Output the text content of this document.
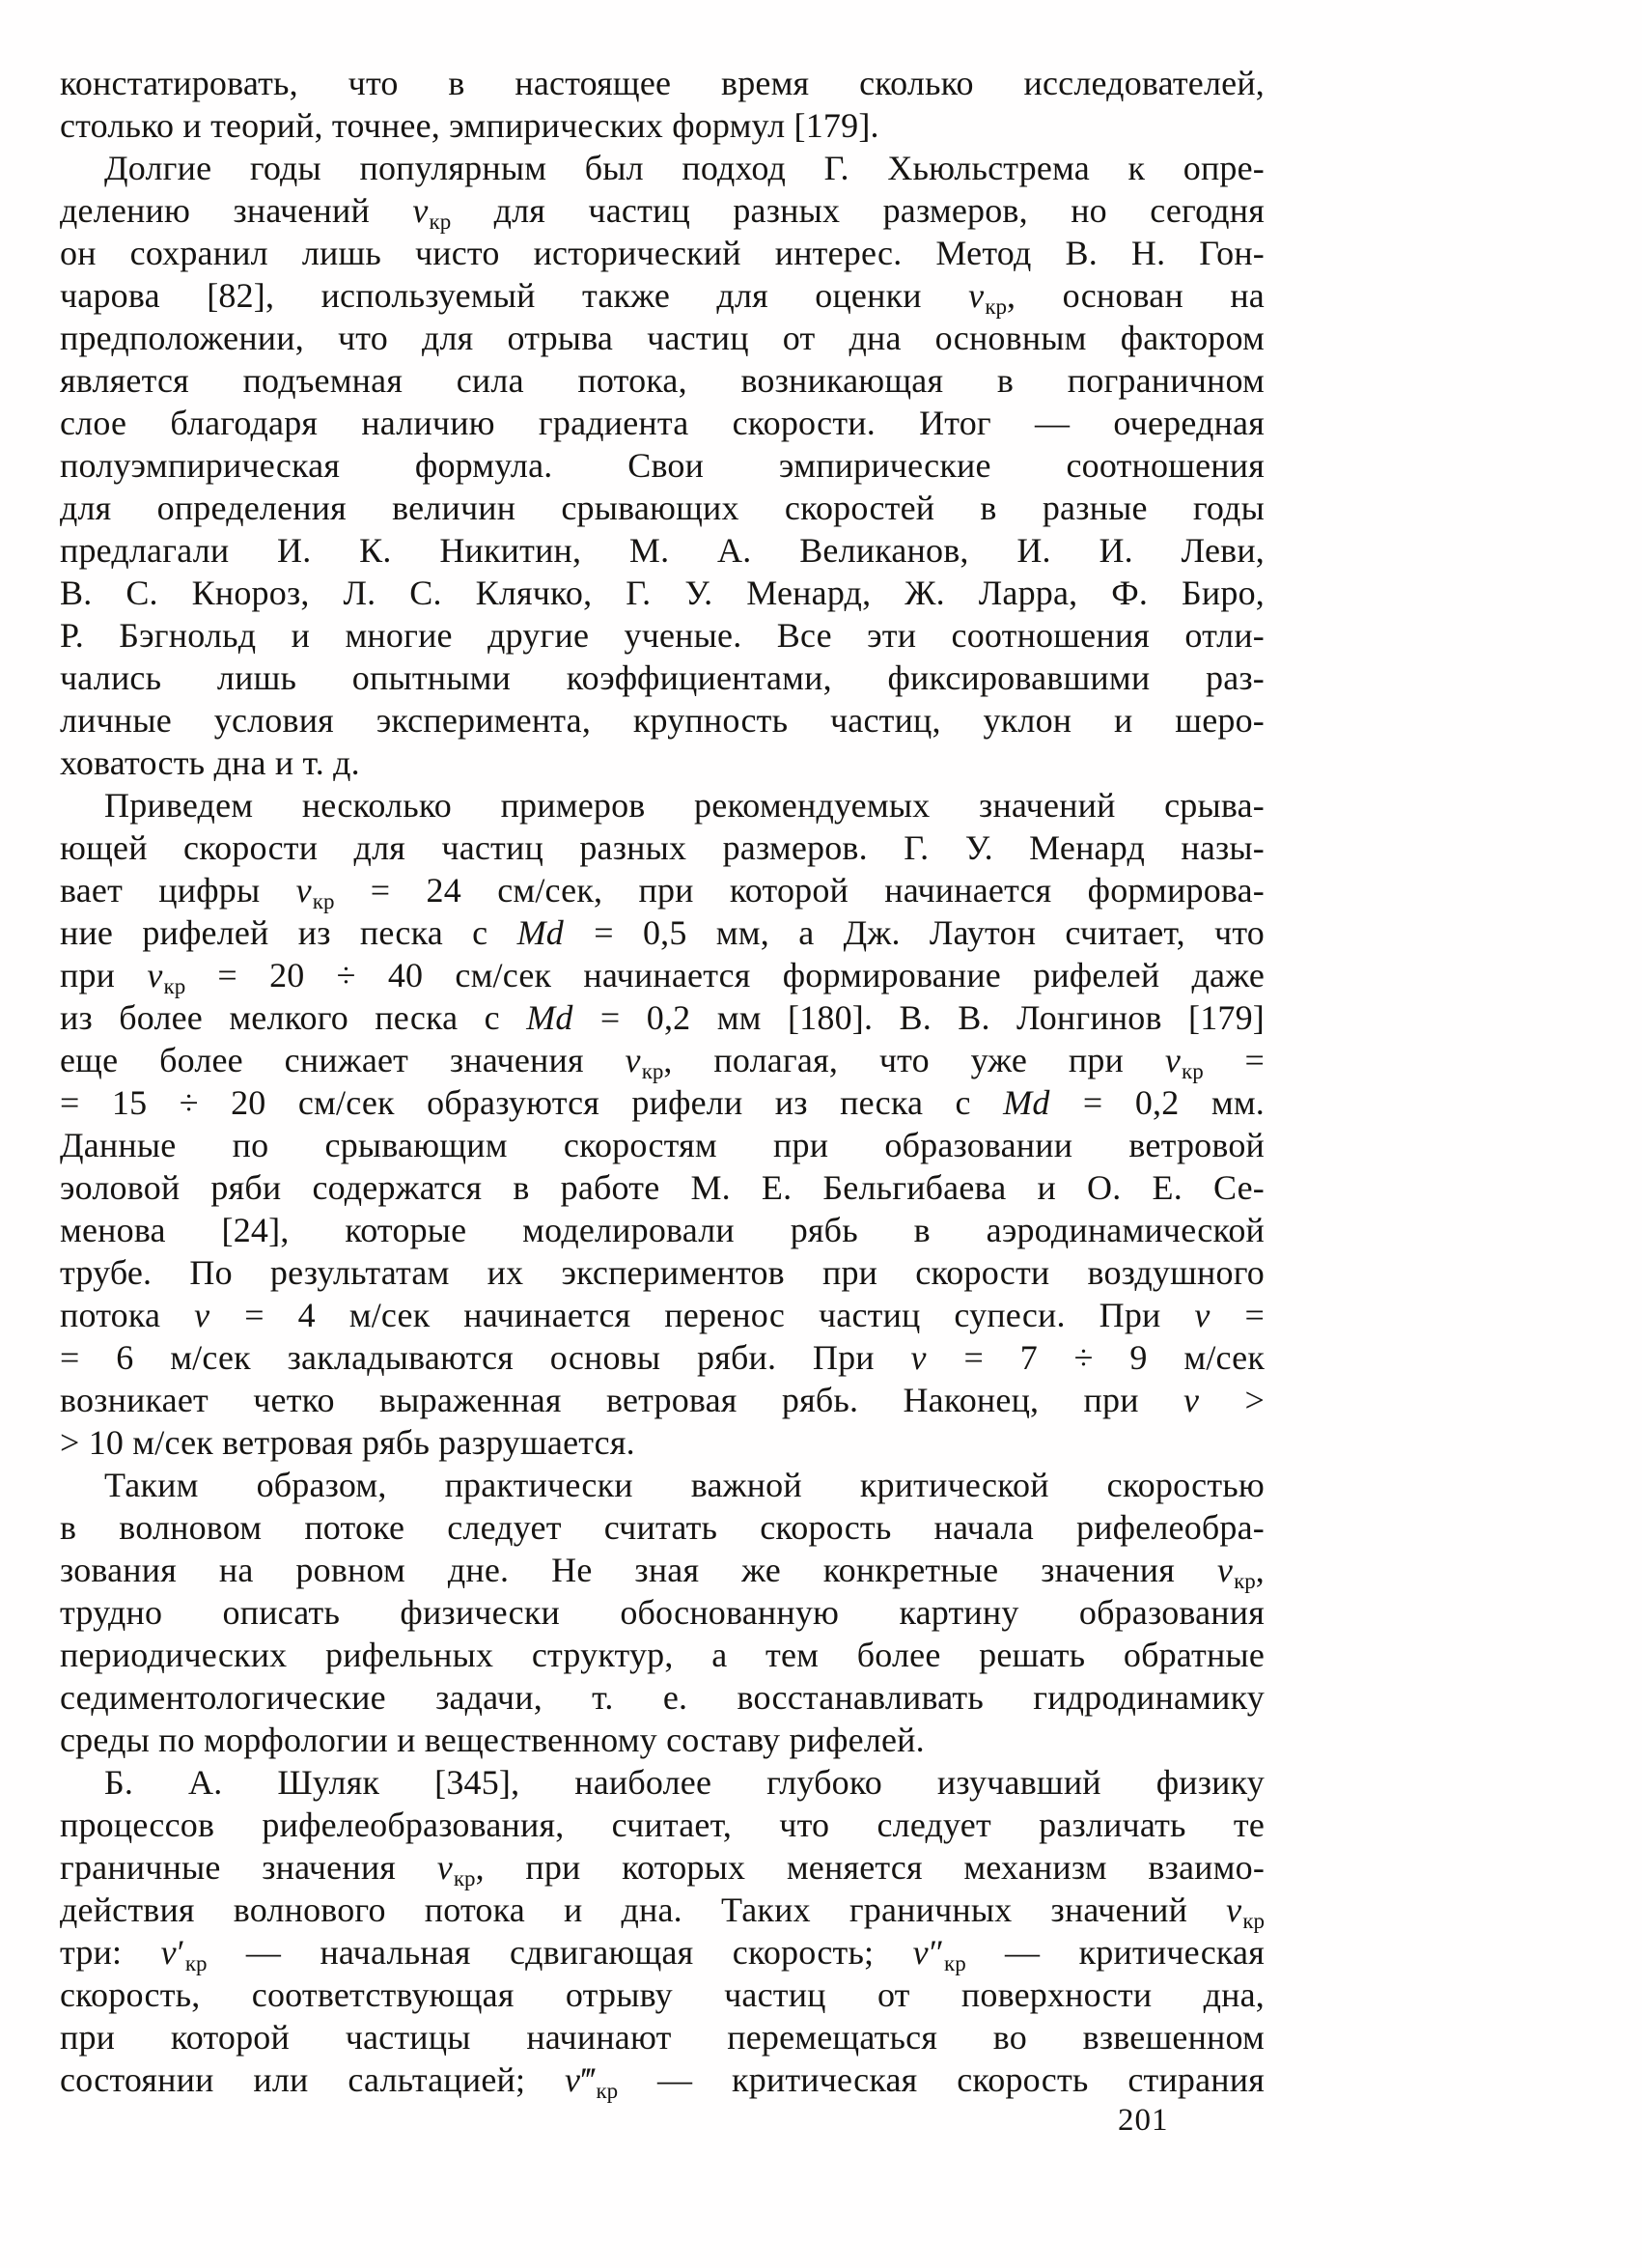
констатировать, что в настоящее время сколько исследователей,
столько и теорий, точнее, эмпирических формул [179].
Долгие годы популярным был подход Г. Хьюльстрема к опре-
делению значений $v_{кр}$ для частиц разных размеров, но сегодня
он сохранил лишь чисто исторический интерес. Метод В. Н. Гон-
чарова [82], используемый также для оценки $v_{кр}$, основан на
предположении, что для отрыва частиц от дна основным фактором
является подъемная сила потока, возникающая в пограничном
слое благодаря наличию градиента скорости. Итог — очередная
полуэмпирическая формула. Свои эмпирические соотношения
для определения величин срывающих скоростей в разные годы
предлагали И. К. Никитин, М. А. Великанов, И. И. Леви,
В. С. Кнороз, Л. С. Клячко, Г. У. Менард, Ж. Ларра, Ф. Биро,
Р. Бэгнольд и многие другие ученые. Все эти соотношения отли-
чались лишь опытными коэффициентами, фиксировавшими раз-
личные условия эксперимента, крупность частиц, уклон и шеро-
ховатость дна и т. д.
Приведем несколько примеров рекомендуемых значений срыва-
ющей скорости для частиц разных размеров. Г. У. Менард назы-
вает цифры $v_{кр} = 24$ см/сек, при которой начинается формирова-
ние рифелей из песка с Md = 0,5 мм, а Дж. Лаутон считает, что
при $v_{кр} = 20 \div 40$ см/сек начинается формирование рифелей даже
из более мелкого песка с Md = 0,2 мм [180]. В. В. Лонгинов [179]
еще более снижает значения $v_{кр}$, полагая, что уже при $v_{кр}$ =
= 15 ÷ 20 см/сек образуются рифели из песка с Md = 0,2 мм.
Данные по срывающим скоростям при образовании ветровой
эоловой ряби содержатся в работе М. Е. Бельгибаева и О. Е. Се-
менова [24], которые моделировали рябь в аэродинамической
трубе. По результатам их экспериментов при скорости воздушного
потока v = 4 м/сек начинается перенос частиц супеси. При v =
= 6 м/сек закладываются основы ряби. При v = 7 ÷ 9 м/сек
возникает четко выраженная ветровая рябь. Наконец, при v >
> 10 м/сек ветровая рябь разрушается.
Таким образом, практически важной критической скоростью
в волновом потоке следует считать скорость начала рифелеобра-
зования на ровном дне. Не зная же конкретные значения $v_{кр}$,
трудно описать физически обоснованную картину образования
периодических рифельных структур, а тем более решать обратные
седиментологические задачи, т. е. восстанавливать гидродинамику
среды по морфологии и вещественному составу рифелей.
Б. А. Шуляк [345], наиболее глубоко изучавший физику
процессов рифелеобразования, считает, что следует различать те
граничные значения $v_{кр}$, при которых меняется механизм взаимо-
действия волнового потока и дна. Таких граничных значений $v_{кр}$
три: $v'_{кр}$ — начальная сдвигающая скорость; $v''_{кр}$ — критическая
скорость, соответствующая отрыву частиц от поверхности дна,
при которой частицы начинают перемещаться во взвешенном
состоянии или сальтацией; $v‴_{кр}$ — критическая скорость стирания
201
